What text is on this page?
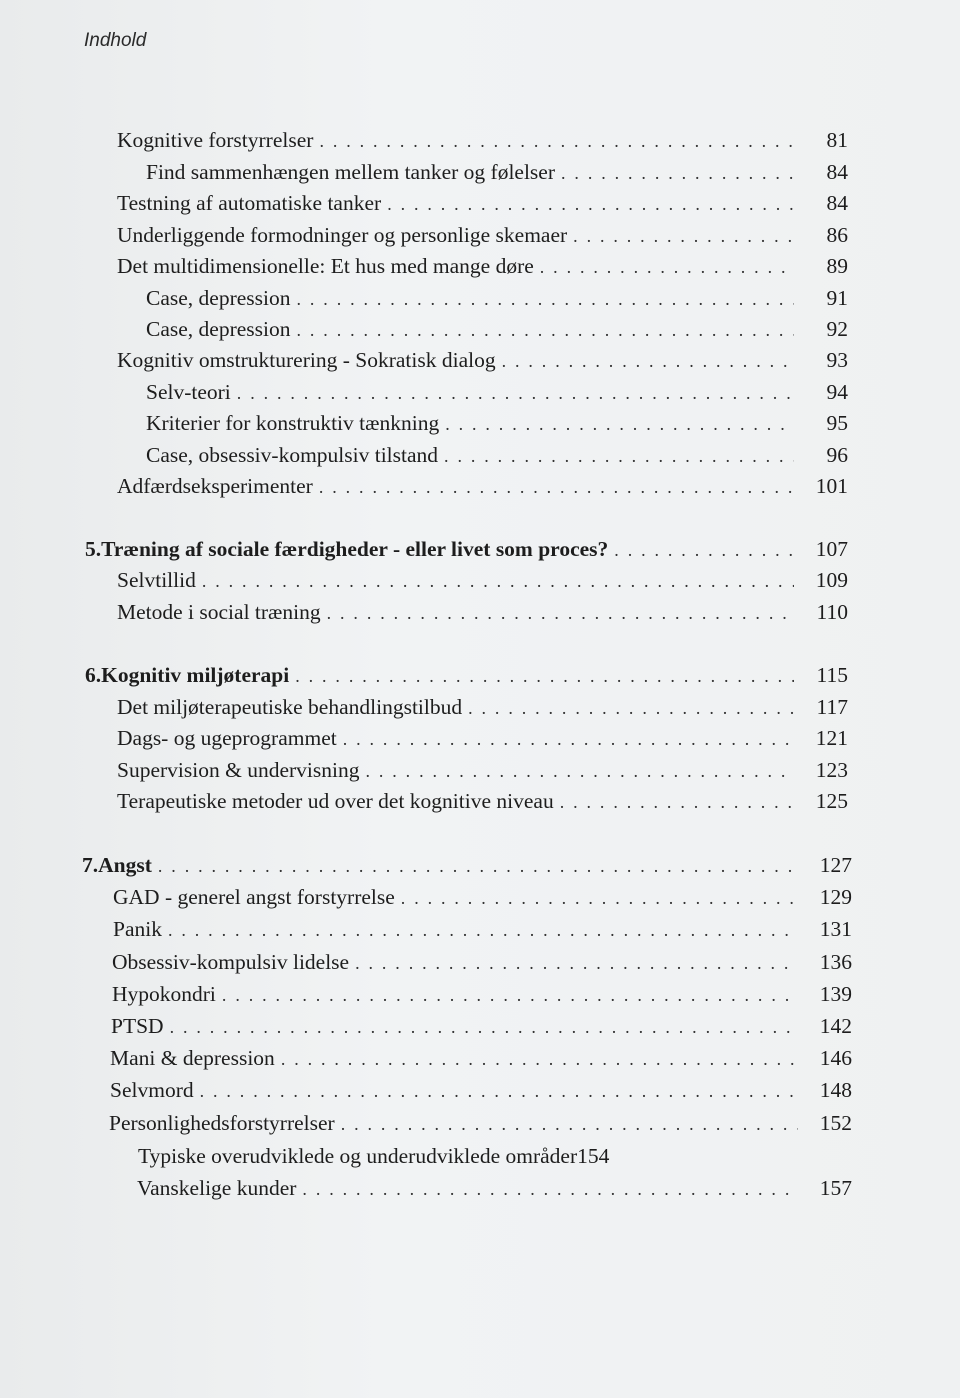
Indhold
Kognitive forstyrrelser . . .	81
Find sammenhængen mellem tanker og følelser . . .	84
Testning af automatiske tanker . . .	84
Underliggende formodninger og personlige skemaer . . .	86
Det multidimensionelle: Et hus med mange døre . . .	89
Case, depression . . .	91
Case, depression . . .	92
Kognitiv omstrukturering - Sokratisk dialog . . .	93
Selv-teori . . .	94
Kriterier for konstruktiv tænkning . . .	95
Case, obsessiv-kompulsiv tilstand . . .	96
Adfærdseksperimenter . . .	101
5. Træning af sociale færdigheder - eller livet som proces? . . .	107
Selvtillid . . .	109
Metode i social træning . . .	110
6. Kognitiv miljøterapi . . .	115
Det miljøterapeutiske behandlingstilbud . . .	117
Dags- og ugeprogrammet . . .	121
Supervision & undervisning . . .	123
Terapeutiske metoder ud over det kognitive niveau . . .	125
7. Angst . . .	127
GAD - generel angst forstyrrelse . . .	129
Panik . . .	131
Obsessiv-kompulsiv lidelse . . .	136
Hypokondri . . .	139
PTSD . . .	142
Mani & depression . . .	146
Selvmord . . .	148
Personlighedsforstyrrelser . . .	152
Typiske overudviklede og underudviklede områder154
Vanskelige kunder . . .	157
